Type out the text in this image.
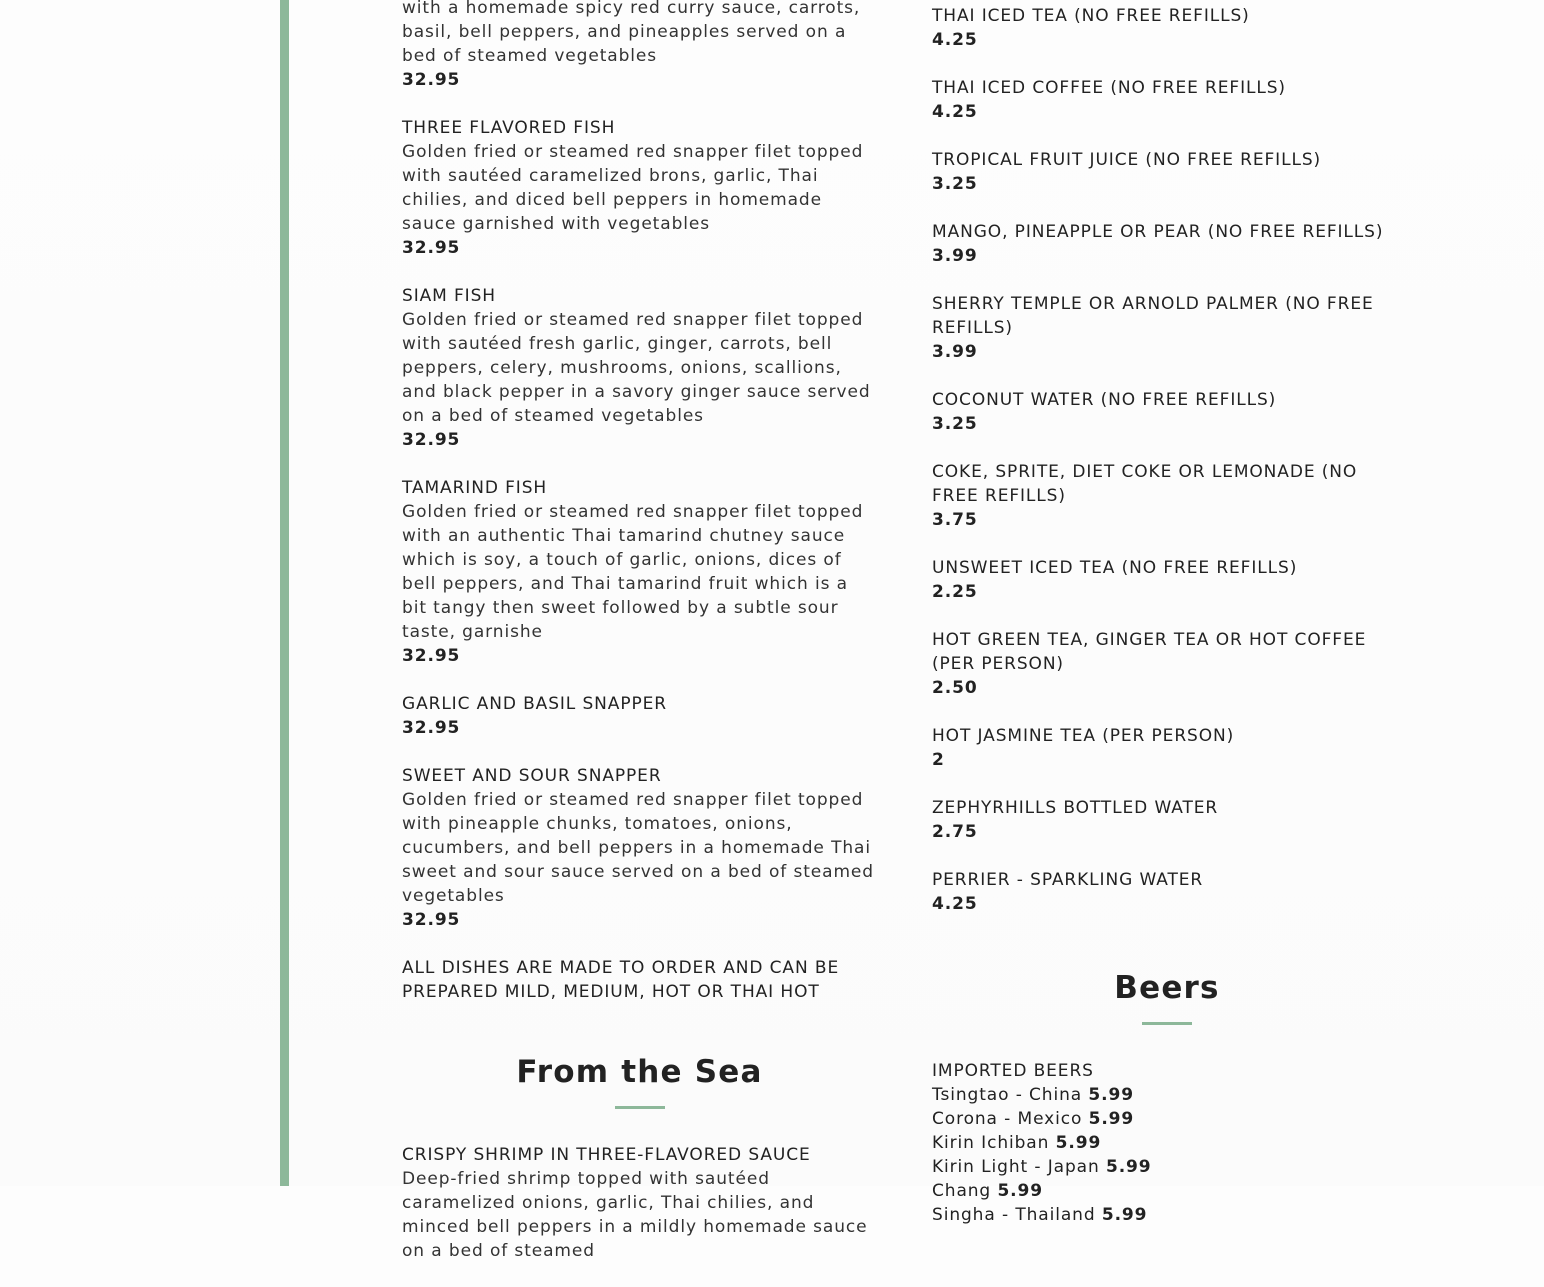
with a homemade spicy red curry sauce, carrots, basil, bell peppers, and pineapples served on a bed of steamed vegetables
32.95
THREE FLAVORED FISH
Golden fried or steamed red snapper filet topped with sautéed caramelized brons, garlic, Thai chilies, and diced bell peppers in homemade sauce garnished with vegetables
32.95
SIAM FISH
Golden fried or steamed red snapper filet topped with sautéed fresh garlic, ginger, carrots, bell peppers, celery, mushrooms, onions, scallions, and black pepper in a savory ginger sauce served on a bed of steamed vegetables
32.95
TAMARIND FISH
Golden fried or steamed red snapper filet topped with an authentic Thai tamarind chutney sauce which is soy, a touch of garlic, onions, dices of bell peppers, and Thai tamarind fruit which is a bit tangy then sweet followed by a subtle sour taste, garnishe
32.95
GARLIC AND BASIL SNAPPER
32.95
SWEET AND SOUR SNAPPER
Golden fried or steamed red snapper filet topped with pineapple chunks, tomatoes, onions, cucumbers, and bell peppers in a homemade Thai sweet and sour sauce served on a bed of steamed vegetables
32.95
ALL DISHES ARE MADE TO ORDER AND CAN BE PREPARED MILD, MEDIUM, HOT OR THAI HOT
From the Sea
CRISPY SHRIMP IN THREE-FLAVORED SAUCE
Deep-fried shrimp topped with sautéed caramelized onions, garlic, Thai chilies, and minced bell peppers in a mildly homemade sauce on a bed of steamed
THAI ICED TEA (NO FREE REFILLS)
4.25
THAI ICED COFFEE (NO FREE REFILLS)
4.25
TROPICAL FRUIT JUICE (NO FREE REFILLS)
3.25
MANGO, PINEAPPLE OR PEAR (NO FREE REFILLS)
3.99
SHERRY TEMPLE OR ARNOLD PALMER (NO FREE REFILLS)
3.99
COCONUT WATER (NO FREE REFILLS)
3.25
COKE, SPRITE, DIET COKE OR LEMONADE (NO FREE REFILLS)
3.75
UNSWEET ICED TEA (NO FREE REFILLS)
2.25
HOT GREEN TEA, GINGER TEA OR HOT COFFEE (PER PERSON)
2.50
HOT JASMINE TEA (PER PERSON)
2
ZEPHYRHILLS BOTTLED WATER
2.75
PERRIER - SPARKLING WATER
4.25
Beers
IMPORTED BEERS
Tsingtao - China 5.99
Corona - Mexico 5.99
Kirin Ichiban 5.99
Kirin Light - Japan 5.99
Chang 5.99
Singha - Thailand 5.99
